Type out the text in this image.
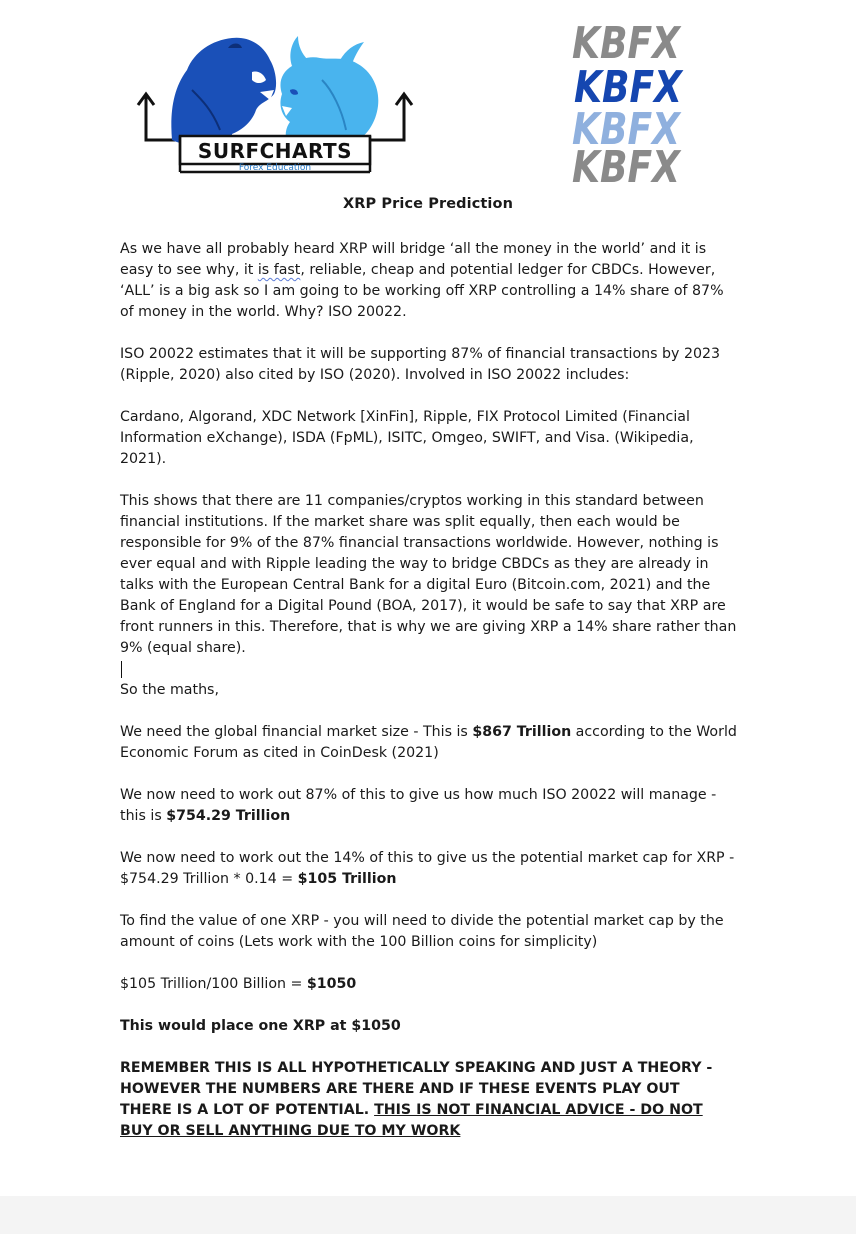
SURFCHARTS
Forex Education
KBFX
KBFX
KBFX
KBFX
XRP Price Prediction

As we have all probably heard XRP will bridge ‘all the money in the world’ and it is easy to see why, it is fast, reliable, cheap and potential ledger for CBDCs. However, ‘ALL’ is a big ask so I am going to be working off XRP controlling a 14% share of 87% of money in the world. Why? ISO 20022.

ISO 20022 estimates that it will be supporting 87% of financial transactions by 2023 (Ripple, 2020) also cited by ISO (2020). Involved in ISO 20022 includes:

Cardano, Algorand, XDC Network [XinFin], Ripple, FIX Protocol Limited (Financial Information eXchange), ISDA (FpML), ISITC, Omgeo, SWIFT, and Visa. (Wikipedia, 2021).

This shows that there are 11 companies/cryptos working in this standard between financial institutions. If the market share was split equally, then each would be responsible for 9% of the 87% financial transactions worldwide. However, nothing is ever equal and with Ripple leading the way to bridge CBDCs as they are already in talks with the European Central Bank for a digital Euro (Bitcoin.com, 2021) and the Bank of England for a Digital Pound (BOA, 2017), it would be safe to say that XRP are front runners in this. Therefore, that is why we are giving XRP a 14% share rather than 9% (equal share).

So the maths,

We need the global financial market size - This is $867 Trillion according to the World Economic Forum as cited in CoinDesk (2021)

We now need to work out 87% of this to give us how much ISO 20022 will manage - this is $754.29 Trillion

We now need to work out the 14% of this to give us the potential market cap for XRP - $754.29 Trillion * 0.14 = $105 Trillion

To find the value of one XRP - you will need to divide the potential market cap by the amount of coins (Lets work with the 100 Billion coins for simplicity)

$105 Trillion/100 Billion = $1050

This would place one XRP at $1050

REMEMBER THIS IS ALL HYPOTHETICALLY SPEAKING AND JUST A THEORY - HOWEVER THE NUMBERS ARE THERE AND IF THESE EVENTS PLAY OUT THERE IS A LOT OF POTENTIAL. THIS IS NOT FINANCIAL ADVICE - DO NOT BUY OR SELL ANYTHING DUE TO MY WORK
